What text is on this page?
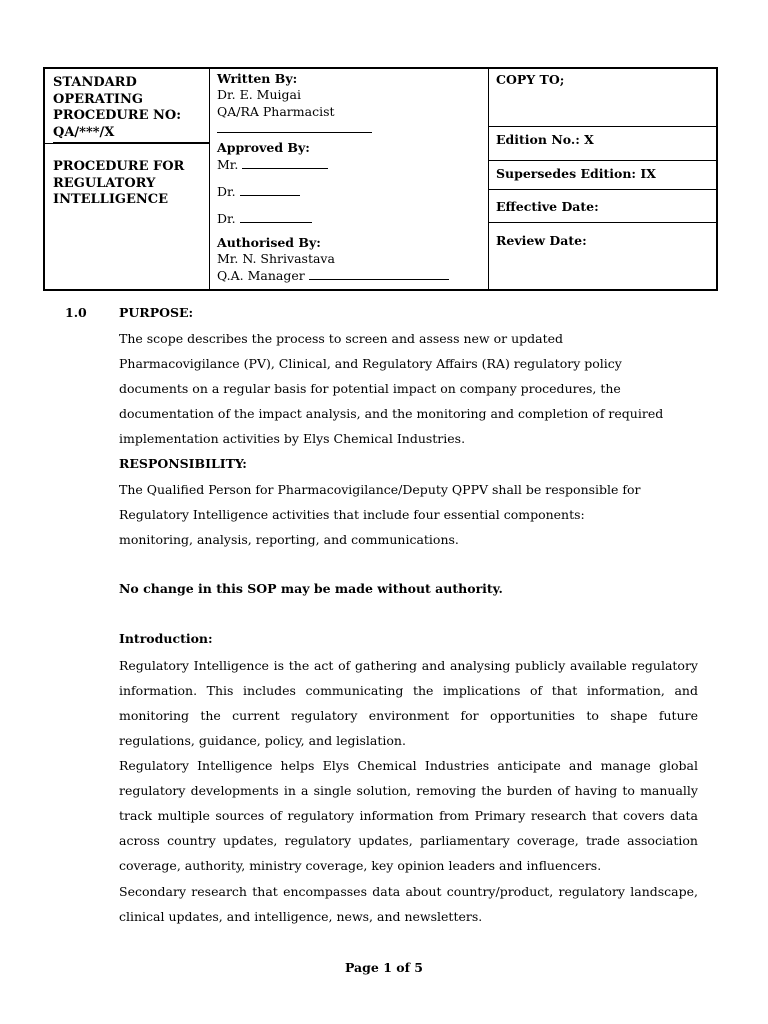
STANDARD
OPERATING
PROCEDURE NO:
QA/***/X
PROCEDURE FOR
REGULATORY
INTELLIGENCE
Written By:
Dr. E. Muigai
QA/RA Pharmacist
Approved By:
Mr.
Dr.
Dr.
Authorised By:
Mr. N. Shrivastava
Q.A. Manager
COPY TO;
Edition No.: X
Supersedes Edition: IX
Effective Date:
Review Date:
1.0	PURPOSE:
The scope describes the process to screen and assess new or updated Pharmacovigilance (PV), Clinical, and Regulatory Affairs (RA) regulatory policy documents on a regular basis for potential impact on company procedures, the documentation of the impact analysis, and the monitoring and completion of required implementation activities by Elys Chemical Industries.
RESPONSIBILITY:
The Qualified Person for Pharmacovigilance/Deputy QPPV shall be responsible for Regulatory Intelligence activities that include four essential components: monitoring, analysis, reporting, and communications.
No change in this SOP may be made without authority.
Introduction:
Regulatory Intelligence is the act of gathering and analysing publicly available regulatory information. This includes communicating the implications of that information, and monitoring the current regulatory environment for opportunities to shape future regulations, guidance, policy, and legislation.
Regulatory Intelligence helps Elys Chemical Industries anticipate and manage global regulatory developments in a single solution, removing the burden of having to manually track multiple sources of regulatory information from Primary research that covers data across country updates, regulatory updates, parliamentary coverage, trade association coverage, authority, ministry coverage, key opinion leaders and influencers.
Secondary research that encompasses data about country/product, regulatory landscape, clinical updates, and intelligence, news, and newsletters.
Page 1 of 5
